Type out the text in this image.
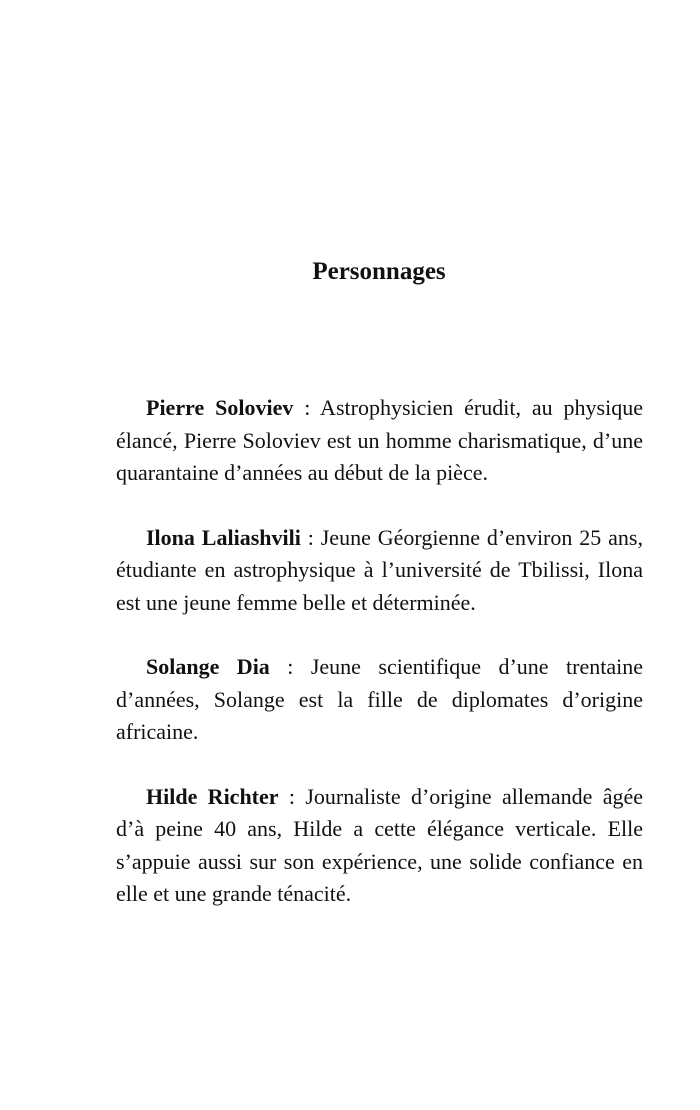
Personnages

Pierre Soloviev : Astrophysicien érudit, au physique élancé, Pierre Soloviev est un homme charismatique, d’une quarantaine d’années au début de la pièce.

Ilona Laliashvili : Jeune Géorgienne d’environ 25 ans, étudiante en astrophysique à l’université de Tbilissi, Ilona est une jeune femme belle et déterminée.

Solange Dia : Jeune scientifique d’une trentaine d’années, Solange est la fille de diplomates d’origine africaine.

Hilde Richter : Journaliste d’origine allemande âgée d’à peine 40 ans, Hilde a cette élégance verticale. Elle s’appuie aussi sur son expérience, une solide confiance en elle et une grande ténacité.
